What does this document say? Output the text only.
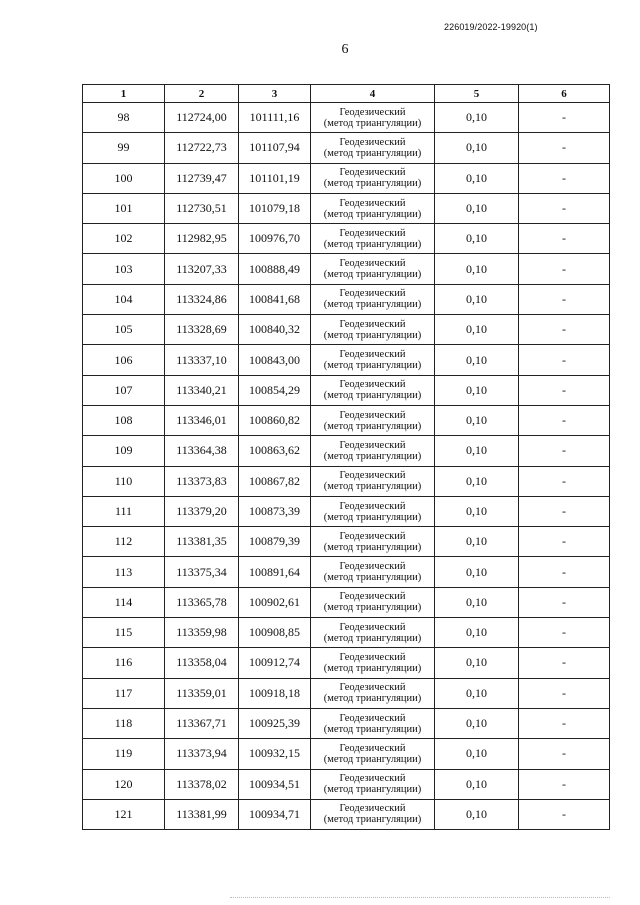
226019/2022-19920(1)
6
1	2	3	4	5	6
98	112724,00	101111,16	Геодезический
(метод триангуляции)	0,10	-
99	112722,73	101107,94	Геодезический
(метод триангуляции)	0,10	-
100	112739,47	101101,19	Геодезический
(метод триангуляции)	0,10	-
101	112730,51	101079,18	Геодезический
(метод триангуляции)	0,10	-
102	112982,95	100976,70	Геодезический
(метод триангуляции)	0,10	-
103	113207,33	100888,49	Геодезический
(метод триангуляции)	0,10	-
104	113324,86	100841,68	Геодезический
(метод триангуляции)	0,10	-
105	113328,69	100840,32	Геодезический
(метод триангуляции)	0,10	-
106	113337,10	100843,00	Геодезический
(метод триангуляции)	0,10	-
107	113340,21	100854,29	Геодезический
(метод триангуляции)	0,10	-
108	113346,01	100860,82	Геодезический
(метод триангуляции)	0,10	-
109	113364,38	100863,62	Геодезический
(метод триангуляции)	0,10	-
110	113373,83	100867,82	Геодезический
(метод триангуляции)	0,10	-
111	113379,20	100873,39	Геодезический
(метод триангуляции)	0,10	-
112	113381,35	100879,39	Геодезический
(метод триангуляции)	0,10	-
113	113375,34	100891,64	Геодезический
(метод триангуляции)	0,10	-
114	113365,78	100902,61	Геодезический
(метод триангуляции)	0,10	-
115	113359,98	100908,85	Геодезический
(метод триангуляции)	0,10	-
116	113358,04	100912,74	Геодезический
(метод триангуляции)	0,10	-
117	113359,01	100918,18	Геодезический
(метод триангуляции)	0,10	-
118	113367,71	100925,39	Геодезический
(метод триангуляции)	0,10	-
119	113373,94	100932,15	Геодезический
(метод триангуляции)	0,10	-
120	113378,02	100934,51	Геодезический
(метод триангуляции)	0,10	-
121	113381,99	100934,71	Геодезический
(метод триангуляции)	0,10	-
